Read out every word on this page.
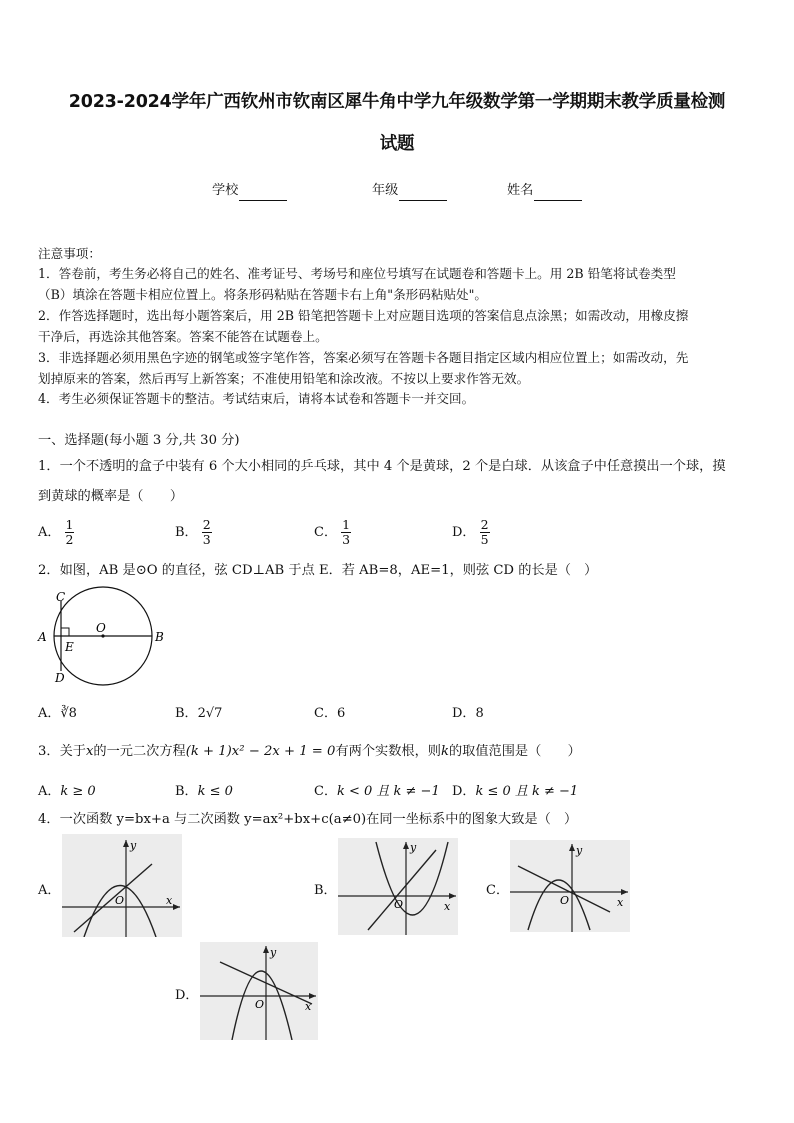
2023-2024学年广西钦州市钦南区犀牛角中学九年级数学第一学期期末教学质量检测
试题
学校	年级	姓名
注意事项：
1．答卷前，考生务必将自己的姓名、准考证号、考场号和座位号填写在试题卷和答题卡上。用 2B 铅笔将试卷类型
（B）填涂在答题卡相应位置上。将条形码粘贴在答题卡右上角"条形码粘贴处"。
2．作答选择题时，选出每小题答案后，用 2B 铅笔把答题卡上对应题目选项的答案信息点涂黑；如需改动，用橡皮擦
干净后，再选涂其他答案。答案不能答在试题卷上。
3．非选择题必须用黑色字迹的钢笔或签字笔作答，答案必须写在答题卡各题目指定区域内相应位置上；如需改动，先
划掉原来的答案，然后再写上新答案；不准使用铅笔和涂改液。不按以上要求作答无效。
4．考生必须保证答题卡的整洁。考试结束后，请将本试卷和答题卡一并交回。
一、选择题(每小题 3 分,共 30 分)
1．一个不透明的盒子中装有 6 个大小相同的乒乓球，其中 4 个是黄球，2 个是白球．从该盒子中任意摸出一个球，摸
到黄球的概率是（　　）
A． $\frac{1}{2}$	B． $\frac{2}{3}$	C． $\frac{1}{3}$	D． $\frac{2}{5}$
2．如图，AB 是⊙O 的直径，弦 CD⊥AB 于点 E．若 AB=8，AE=1，则弦 CD 的长是（　）
C
A
O
B
E
D
A．∛8	B．2√7	C．6	D．8
3．关于x的一元二次方程(k + 1)x² − 2x + 1 = 0有两个实数根，则k的取值范围是（　　）
A．k ≥ 0	B．k ≤ 0	C．k < 0 且 k ≠ −1 D．k ≤ 0 且 k ≠ −1
4．一次函数 y=bx+a 与二次函数 y=ax²+bx+c(a≠0)在同一坐标系中的图象大致是（　）
A．
y
x
O
B．
y
x
O
C．
y
x
O
D．
y
x
O
